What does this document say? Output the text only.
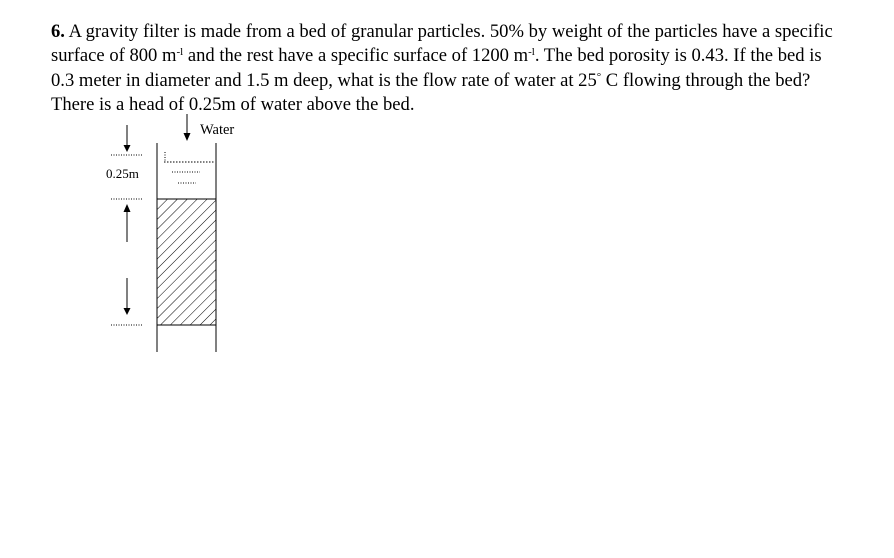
6. A gravity filter is made from a bed of granular particles. 50% by weight of the particles have a specific surface of 800 $m^{-l}$ and the rest have a specific surface of 1200 $m^{-l}$. The bed porosity is 0.43. If the bed is 0.3 meter in diameter and 1.5 m deep, what is the flow rate of water at 25° C flowing through the bed? There is a head of 0.25m of water above the bed.

Water
0.25m
